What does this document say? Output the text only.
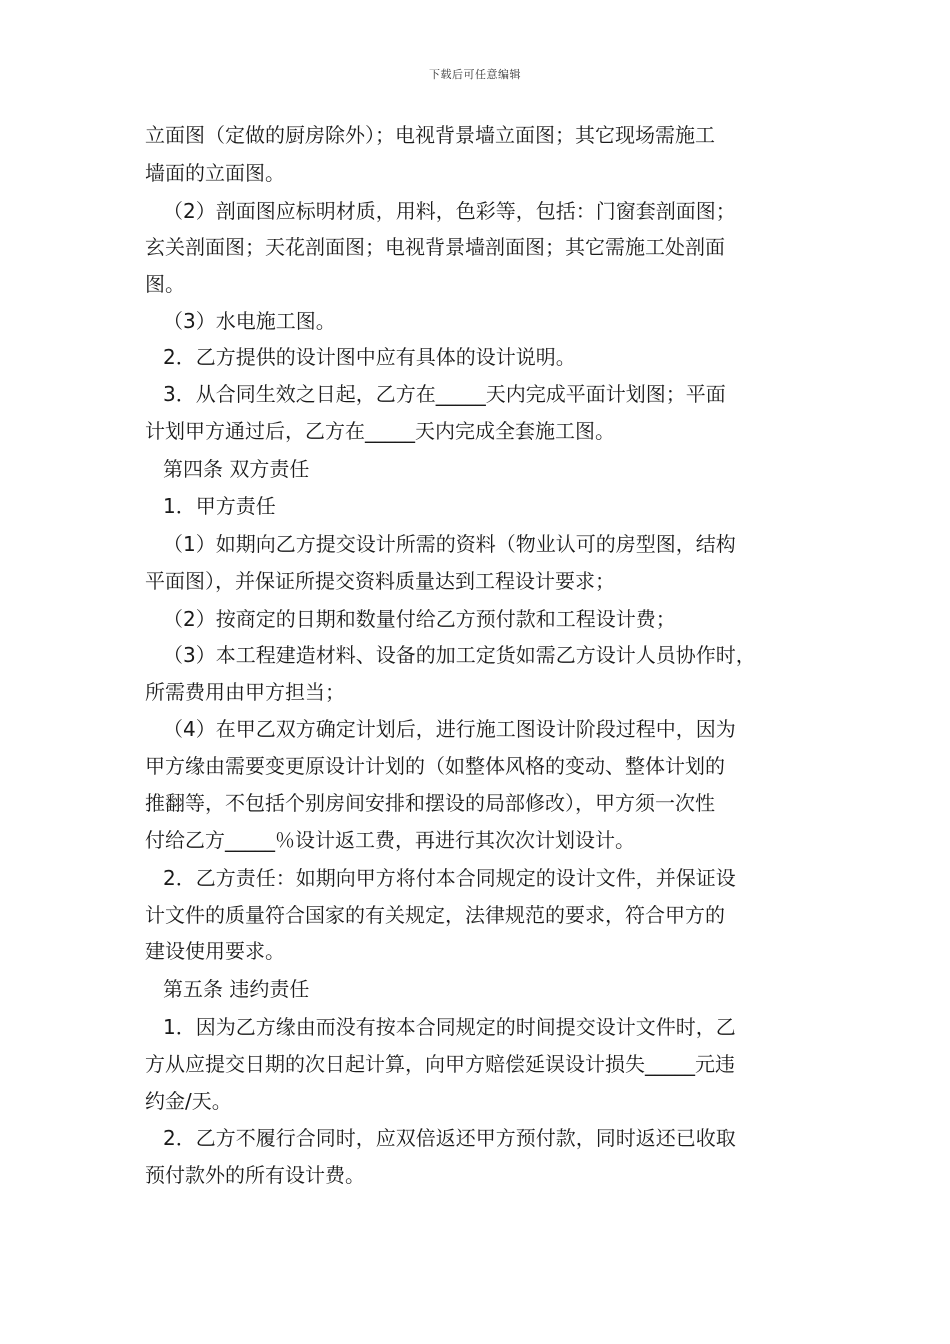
下载后可任意编辑
立面图（定做的厨房除外）；电视背景墙立面图；其它现场需施工
墙面的立面图。
（2）剖面图应标明材质，用料，色彩等，包括：门窗套剖面图；
玄关剖面图；天花剖面图；电视背景墙剖面图；其它需施工处剖面
图。
（3）水电施工图。
2．乙方提供的设计图中应有具体的设计说明。
3．从合同生效之日起，乙方在_____天内完成平面计划图；平面
计划甲方通过后，乙方在_____天内完成全套施工图。
第四条 双方责任
1．甲方责任
（1）如期向乙方提交设计所需的资料（物业认可的房型图，结构
平面图），并保证所提交资料质量达到工程设计要求；
（2）按商定的日期和数量付给乙方预付款和工程设计费；
（3）本工程建造材料、设备的加工定货如需乙方设计人员协作时，
所需费用由甲方担当；
（4）在甲乙双方确定计划后，进行施工图设计阶段过程中，因为
甲方缘由需要变更原设计计划的（如整体风格的变动、整体计划的
推翻等，不包括个别房间安排和摆设的局部修改），甲方须一次性
付给乙方_____％设计返工费，再进行其次次计划设计。
2．乙方责任：如期向甲方将付本合同规定的设计文件，并保证设
计文件的质量符合国家的有关规定，法律规范的要求，符合甲方的
建设使用要求。
第五条 违约责任
1．因为乙方缘由而没有按本合同规定的时间提交设计文件时，乙
方从应提交日期的次日起计算，向甲方赔偿延误设计损失_____元违
约金/天。
2．乙方不履行合同时，应双倍返还甲方预付款，同时返还已收取
预付款外的所有设计费。
